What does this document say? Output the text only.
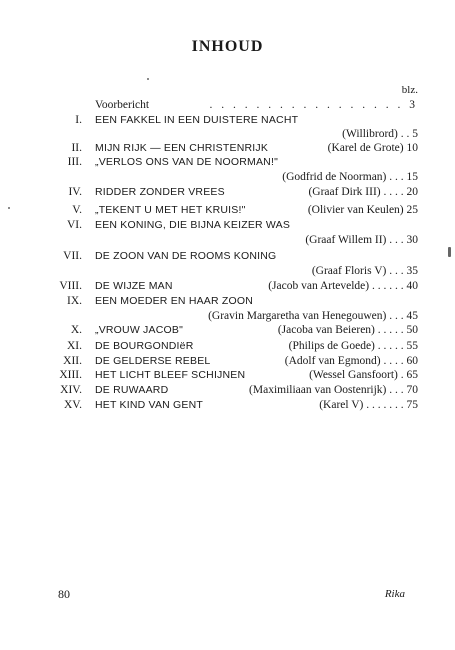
INHOUD
blz.
Voorbericht	. . . . . . . . . . . . . . . . . 3
I. EEN FAKKEL IN EEN DUISTERE NACHT
(Willibrord) . . 5
II. MIJN RIJK — EEN CHRISTENRIJK	(Karel de Grote) 10
III. „VERLOS ONS VAN DE NOORMAN!"
(Godfrid de Noorman) . . . 15
IV. RIDDER ZONDER VREES	(Graaf Dirk III) . . . . 20
V. „TEKENT U MET HET KRUIS!"	(Olivier van Keulen) 25
VI. EEN KONING, DIE BIJNA KEIZER WAS
(Graaf Willem II) . . . 30
VII. DE ZOON VAN DE ROOMS KONING
(Graaf Floris V) . . . 35
VIII. DE WIJZE MAN	(Jacob van Artevelde) . . . . . . 40
IX. EEN MOEDER EN HAAR ZOON
(Gravin Margaretha van Henegouwen) . . . 45
X. „VROUW JACOB"	(Jacoba van Beieren) . . . . . 50
XI. DE BOURGONDIëR	(Philips de Goede) . . . . . 55
XII. DE GELDERSE REBEL	(Adolf van Egmond) . . . . 60
XIII. HET LICHT BLEEF SCHIJNEN	(Wessel Gansfoort) . 65
XIV. DE RUWAARD	(Maximiliaan van Oostenrijk) . . . 70
XV. HET KIND VAN GENT	(Karel V) . . . . . . . 75
80	Rika
